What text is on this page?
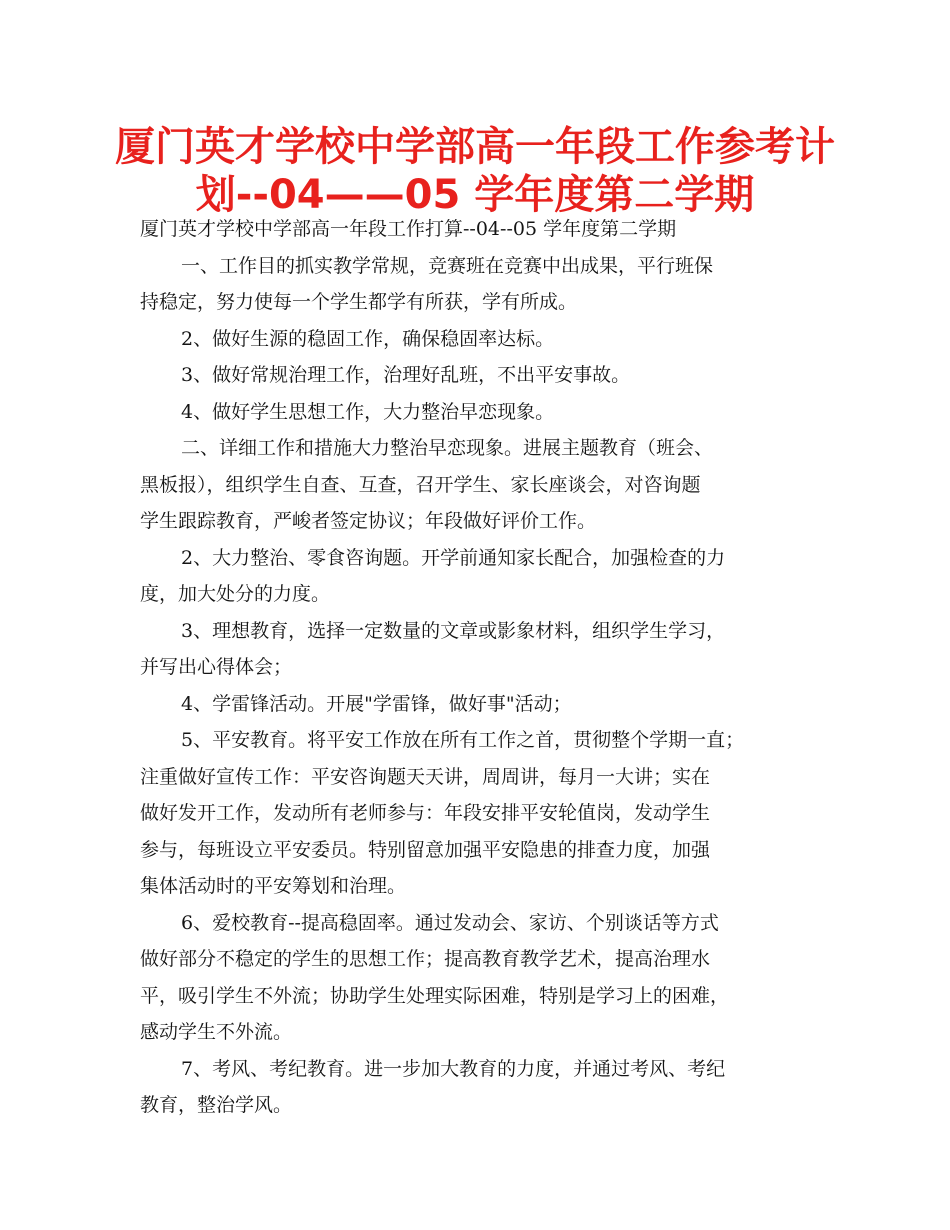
厦门英才学校中学部高一年段工作参考计
划--04——05 学年度第二学期
厦门英才学校中学部高一年段工作打算--04--05 学年度第二学期
一、工作目的抓实教学常规，竞赛班在竞赛中出成果，平行班保
持稳定，努力使每一个学生都学有所获，学有所成。
2、做好生源的稳固工作，确保稳固率达标。
3、做好常规治理工作，治理好乱班，不出平安事故。
4、做好学生思想工作，大力整治早恋现象。
二、详细工作和措施大力整治早恋现象。进展主题教育（班会、
黑板报），组织学生自查、互查，召开学生、家长座谈会，对咨询题
学生跟踪教育，严峻者签定协议；年段做好评价工作。
2、大力整治、零食咨询题。开学前通知家长配合，加强检查的力
度，加大处分的力度。
3、理想教育，选择一定数量的文章或影象材料，组织学生学习，
并写出心得体会；
4、学雷锋活动。开展"学雷锋，做好事"活动；
5、平安教育。将平安工作放在所有工作之首，贯彻整个学期一直；
注重做好宣传工作：平安咨询题天天讲，周周讲，每月一大讲；实在
做好发开工作，发动所有老师参与：年段安排平安轮值岗，发动学生
参与，每班设立平安委员。特别留意加强平安隐患的排查力度，加强
集体活动时的平安筹划和治理。
6、爱校教育--提高稳固率。通过发动会、家访、个别谈话等方式
做好部分不稳定的学生的思想工作；提高教育教学艺术，提高治理水
平，吸引学生不外流；协助学生处理实际困难，特别是学习上的困难，
感动学生不外流。
7、考风、考纪教育。进一步加大教育的力度，并通过考风、考纪
教育，整治学风。
